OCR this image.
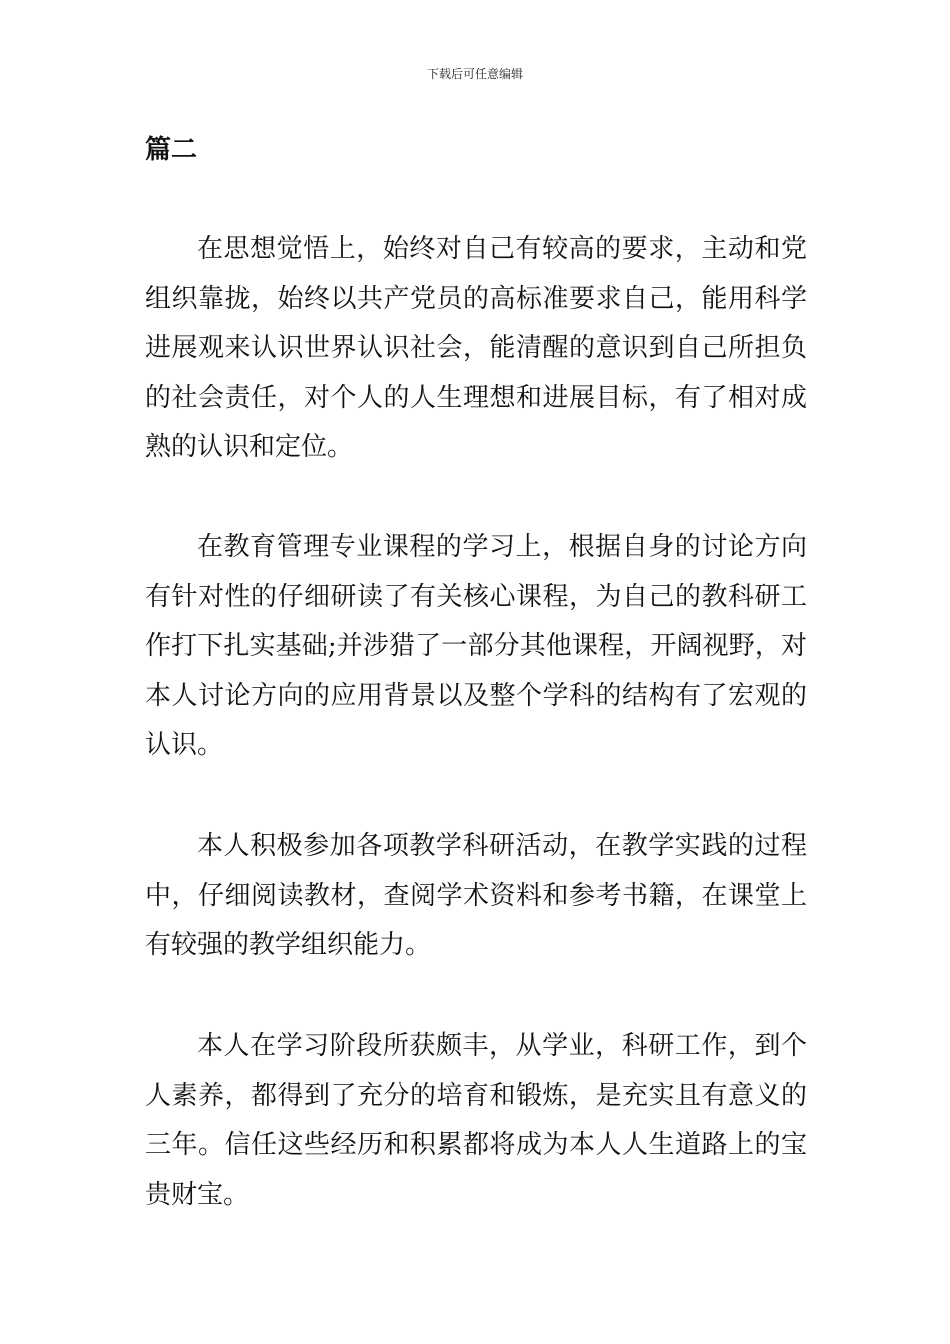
下载后可任意编辑
篇二

在思想觉悟上，始终对自己有较高的要求，主动和党组织靠拢，始终以共产党员的高标准要求自己，能用科学进展观来认识世界认识社会，能清醒的意识到自己所担负的社会责任，对个人的人生理想和进展目标，有了相对成熟的认识和定位。

在教育管理专业课程的学习上，根据自身的讨论方向有针对性的仔细研读了有关核心课程，为自己的教科研工作打下扎实基础;并涉猎了一部分其他课程，开阔视野，对本人讨论方向的应用背景以及整个学科的结构有了宏观的认识。

本人积极参加各项教学科研活动，在教学实践的过程中，仔细阅读教材，查阅学术资料和参考书籍，在课堂上有较强的教学组织能力。

本人在学习阶段所获颇丰，从学业，科研工作，到个人素养，都得到了充分的培育和锻炼，是充实且有意义的三年。信任这些经历和积累都将成为本人人生道路上的宝贵财宝。
